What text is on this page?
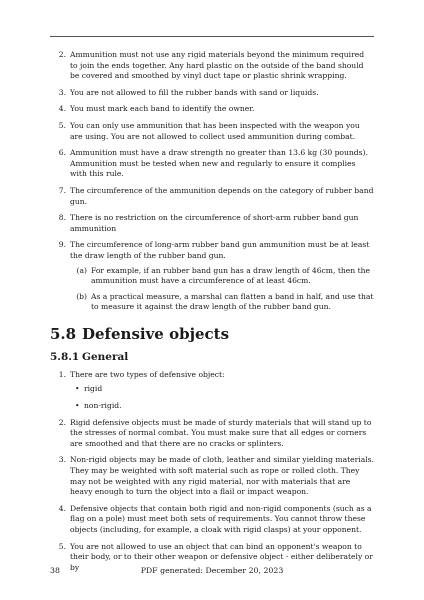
2. Ammunition must not use any rigid materials beyond the minimum required to join the ends together. Any hard plastic on the outside of the band should be covered and smoothed by vinyl duct tape or plastic shrink wrapping.
3. You are not allowed to fill the rubber bands with sand or liquids.
4. You must mark each band to identify the owner.
5. You can only use ammunition that has been inspected with the weapon you are using. You are not allowed to collect used ammunition during combat.
6. Ammunition must have a draw strength no greater than 13.6 kg (30 pounds). Ammunition must be tested when new and regularly to ensure it complies with this rule.
7. The circumference of the ammunition depends on the category of rubber band gun.
8. There is no restriction on the circumference of short-arm rubber band gun ammunition
9. The circumference of long-arm rubber band gun ammunition must be at least the draw length of the rubber band gun.
(a) For example, if an rubber band gun has a draw length of 46cm, then the ammunition must have a circumference of at least 46cm.
(b) As a practical measure, a marshal can flatten a band in half, and use that to measure it against the draw length of the rubber band gun.
5.8 Defensive objects
5.8.1 General
1. There are two types of defensive object:
• rigid
• non-rigid.
2. Rigid defensive objects must be made of sturdy materials that will stand up to the stresses of normal combat. You must make sure that all edges or corners are smoothed and that there are no cracks or splinters.
3. Non-rigid objects may be made of cloth, leather and similar yielding materials. They may be weighted with soft material such as rope or rolled cloth. They may not be weighted with any rigid material, nor with materials that are heavy enough to turn the object into a flail or impact weapon.
4. Defensive objects that contain both rigid and non-rigid components (such as a flag on a pole) must meet both sets of requirements. You cannot throw these objects (including, for example, a cloak with rigid clasps) at your opponent.
5. You are not allowed to use an object that can bind an opponent's weapon to their body, or to their other weapon or defensive object - either deliberately or by
38	PDF generated: December 20, 2023
